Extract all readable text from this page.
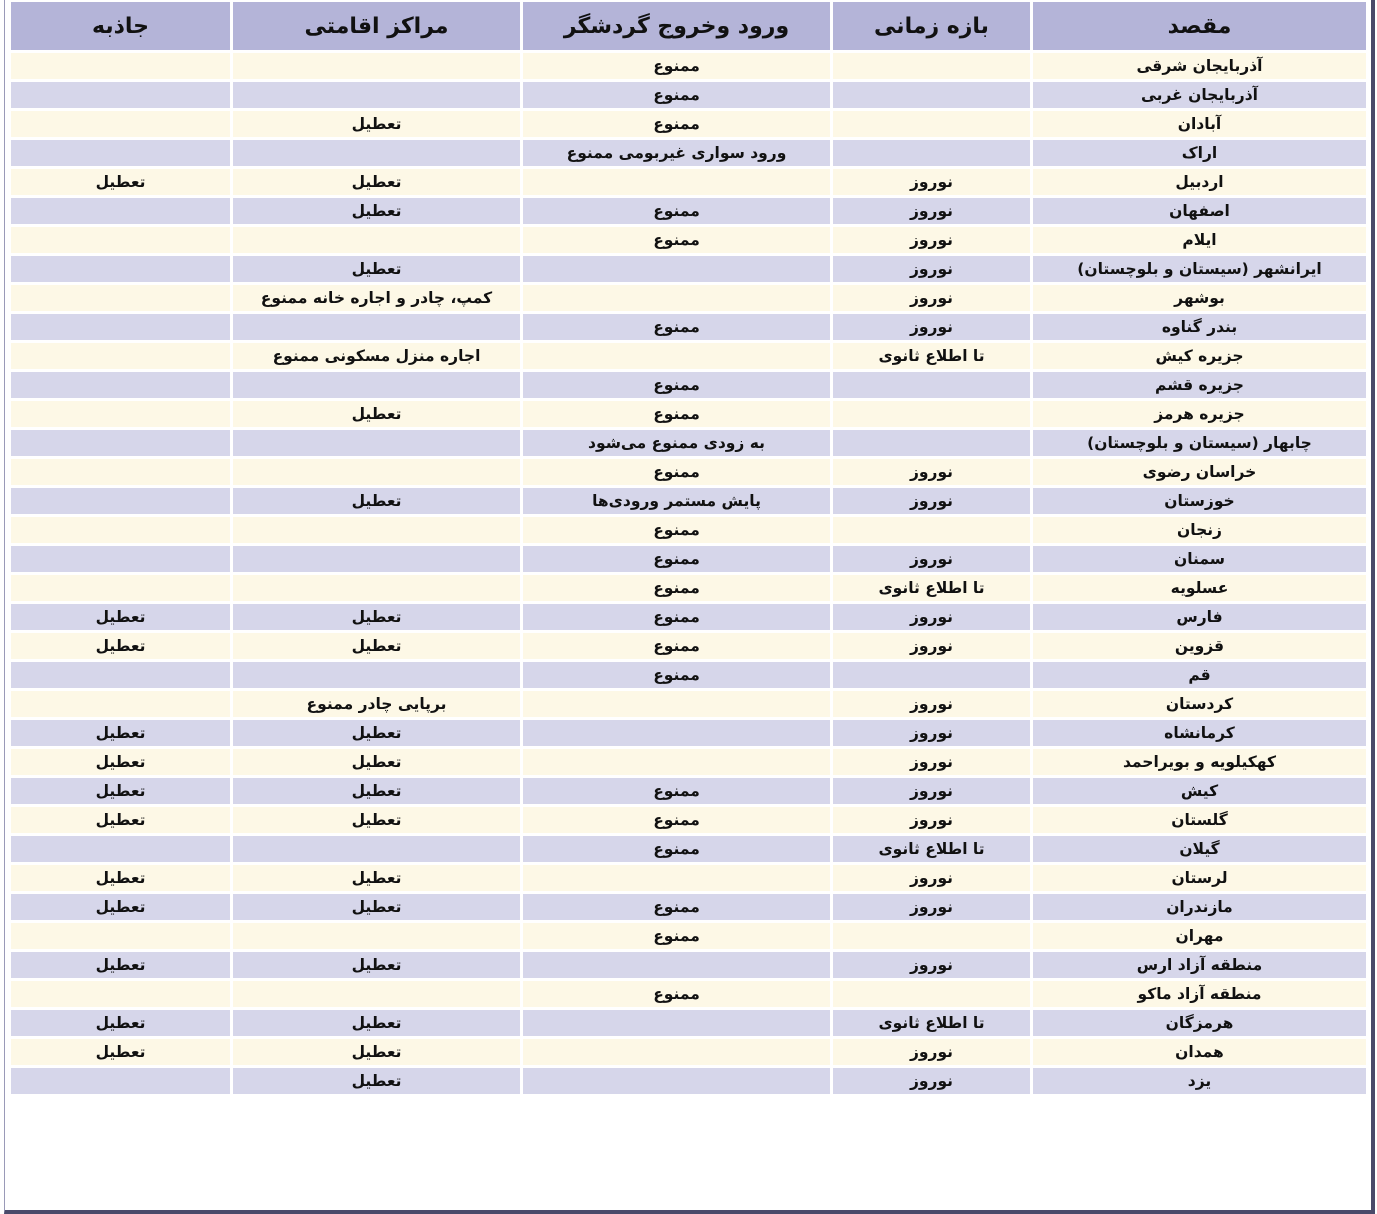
مقصد	بازه زمانی	ورود وخروج گردشگر	مراکز اقامتی	جاذبه
آذربایجان شرقی		ممنوع		
آذربایجان غربی		ممنوع		
آبادان		ممنوع	تعطیل	
اراک		ورود سواری غیربومی ممنوع		
اردبیل	نوروز		تعطیل	تعطیل
اصفهان	نوروز	ممنوع	تعطیل	
ایلام	نوروز	ممنوع		
ایرانشهر (سیستان و بلوچستان)	نوروز		تعطیل	
بوشهر	نوروز		کمپ، چادر و اجاره خانه ممنوع	
بندر گناوه	نوروز	ممنوع		
جزیره کیش	تا اطلاع ثانوی		اجاره منزل مسکونی ممنوع	
جزیره قشم		ممنوع		
جزیره هرمز		ممنوع	تعطیل	
چابهار (سیستان و بلوچستان)		به زودی ممنوع می‌شود		
خراسان رضوی	نوروز	ممنوع		
خوزستان	نوروز	پایش مستمر ورودی‌ها	تعطیل	
زنجان		ممنوع		
سمنان	نوروز	ممنوع		
عسلویه	تا اطلاع ثانوی	ممنوع		
فارس	نوروز	ممنوع	تعطیل	تعطیل
قزوین	نوروز	ممنوع	تعطیل	تعطیل
قم		ممنوع		
کردستان	نوروز		برپایی چادر ممنوع	
کرمانشاه	نوروز		تعطیل	تعطیل
کهکیلویه و بویراحمد	نوروز		تعطیل	تعطیل
کیش	نوروز	ممنوع	تعطیل	تعطیل
گلستان	نوروز	ممنوع	تعطیل	تعطیل
گیلان	تا اطلاع ثانوی	ممنوع		
لرستان	نوروز		تعطیل	تعطیل
مازندران	نوروز	ممنوع	تعطیل	تعطیل
مهران		ممنوع		
منطقه آزاد ارس	نوروز		تعطیل	تعطیل
منطقه آزاد ماکو		ممنوع		
هرمزگان	تا اطلاع ثانوی		تعطیل	تعطیل
همدان	نوروز		تعطیل	تعطیل
یزد	نوروز		تعطیل	
